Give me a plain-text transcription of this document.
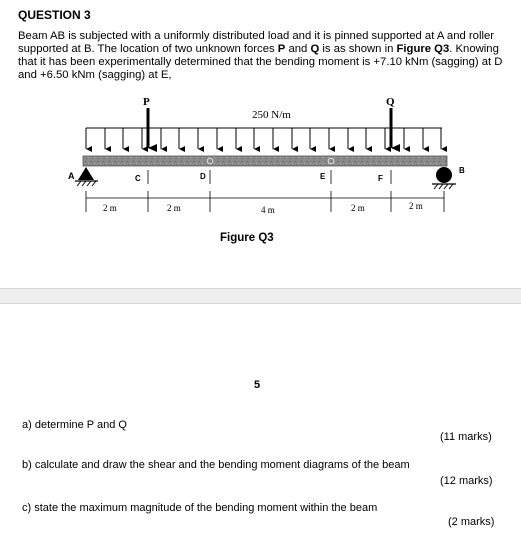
QUESTION 3
Beam AB is subjected with a uniformly distributed load and it is pinned supported at A and roller supported at B. The location of two unknown forces P and Q is as shown in Figure Q3. Knowing that it has been experimentally determined that the bending moment is +7.10 kNm (sagging) at D and +6.50 kNm (sagging) at E,
P	Q
250 N/m
A
B
C	D	E	F
2 m	2 m	4 m	2 m	2 m
Figure Q3
5
a) determine P and Q
(11 marks)
b) calculate and draw the shear and the bending moment diagrams of the beam
(12 marks)
c) state the maximum magnitude of the bending moment within the beam
(2 marks)
